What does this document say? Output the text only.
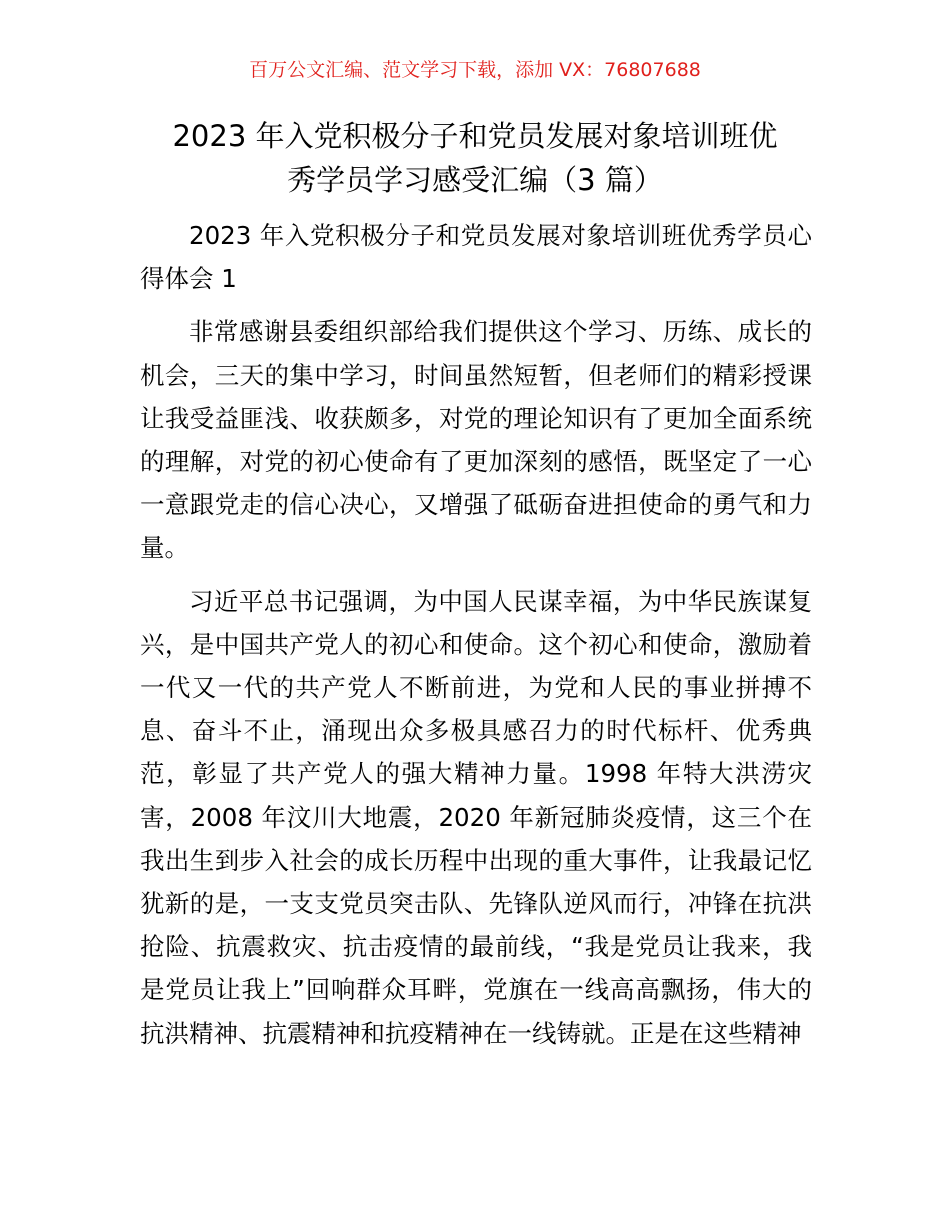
百万公文汇编、范文学习下载，添加 VX：76807688
2023 年入党积极分子和党员发展对象培训班优
秀学员学习感受汇编（3 篇）

2023 年入党积极分子和党员发展对象培训班优秀学员心得体会 1

非常感谢县委组织部给我们提供这个学习、历练、成长的机会，三天的集中学习，时间虽然短暂，但老师们的精彩授课让我受益匪浅、收获颇多，对党的理论知识有了更加全面系统的理解，对党的初心使命有了更加深刻的感悟，既坚定了一心一意跟党走的信心决心，又增强了砥砺奋进担使命的勇气和力量。

习近平总书记强调，为中国人民谋幸福，为中华民族谋复兴，是中国共产党人的初心和使命。这个初心和使命，激励着一代又一代的共产党人不断前进，为党和人民的事业拼搏不息、奋斗不止，涌现出众多极具感召力的时代标杆、优秀典范，彰显了共产党人的强大精神力量。1998 年特大洪涝灾害，2008 年汶川大地震，2020 年新冠肺炎疫情，这三个在我出生到步入社会的成长历程中出现的重大事件，让我最记忆犹新的是，一支支党员突击队、先锋队逆风而行，冲锋在抗洪抢险、抗震救灾、抗击疫情的最前线，“我是党员让我来，我是党员让我上”回响群众耳畔，党旗在一线高高飘扬，伟大的抗洪精神、抗震精神和抗疫精神在一线铸就。正是在这些精神
